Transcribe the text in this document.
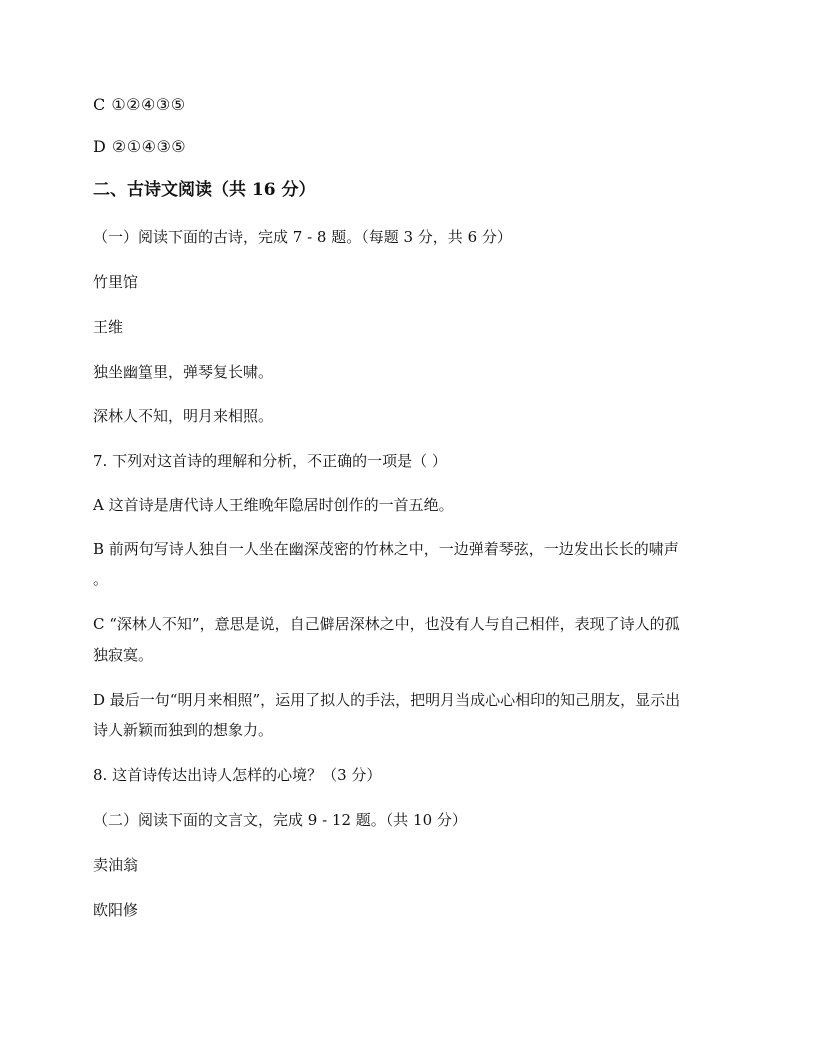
C ①②④③⑤
D ②①④③⑤
二、古诗文阅读（共 16 分）
（一）阅读下面的古诗，完成 7 - 8 题。（每题 3 分，共 6 分）
竹里馆
王维
独坐幽篁里，弹琴复长啸。
深林人不知，明月来相照。
7. 下列对这首诗的理解和分析，不正确的一项是（ ）
A 这首诗是唐代诗人王维晚年隐居时创作的一首五绝。
B 前两句写诗人独自一人坐在幽深茂密的竹林之中，一边弹着琴弦，一边发出长长的啸声
。
C “深林人不知”，意思是说，自己僻居深林之中，也没有人与自己相伴，表现了诗人的孤
独寂寞。
D 最后一句“明月来相照”，运用了拟人的手法，把明月当成心心相印的知己朋友，显示出
诗人新颖而独到的想象力。
8. 这首诗传达出诗人怎样的心境？（3 分）
（二）阅读下面的文言文，完成 9 - 12 题。（共 10 分）
卖油翁
欧阳修
